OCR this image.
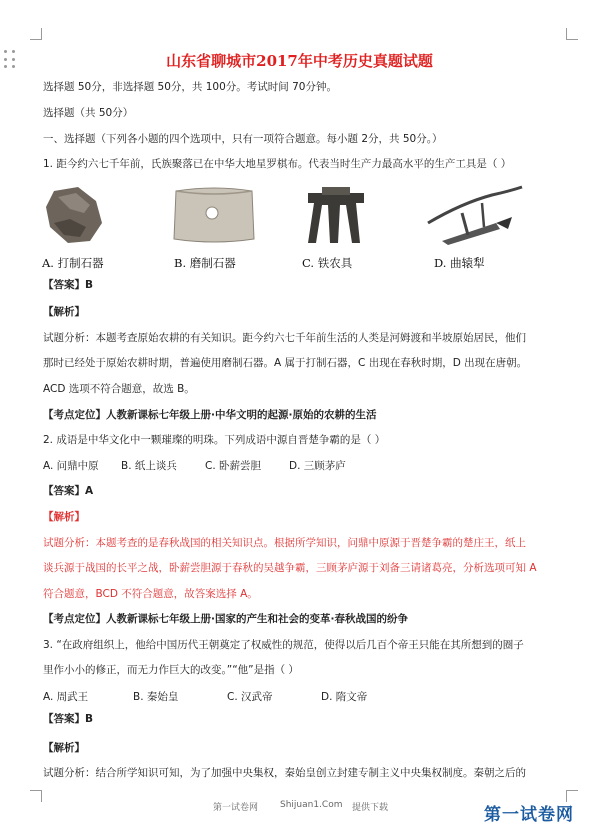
山东省聊城市2017年中考历史真题试题
选择题 50分，非选择题 50分，共 100分。考试时间 70分钟。
选择题（共 50分）
一、选择题（下列各小题的四个选项中，只有一项符合题意。每小题 2分，共 50分。）
1. 距今约六七千年前，氏族聚落已在中华大地星罗棋布。代表当时生产力最高水平的生产工具是（ ）
A. 打制石器	B. 磨制石器	C. 铁农具	D. 曲辕犁
【答案】B
【解析】
试题分析：本题考查原始农耕的有关知识。距今约六七千年前生活的人类是河姆渡和半坡原始居民，他们
那时已经处于原始农耕时期，普遍使用磨制石器。A 属于打制石器，C 出现在春秋时期，D 出现在唐朝。
ACD 选项不符合题意，故选 B。
【考点定位】人教新课标七年级上册·中华文明的起源·原始的农耕的生活
2. 成语是中华文化中一颗璀璨的明珠。下列成语中源自晋楚争霸的是（ ）
A. 问鼎中原 B. 纸上谈兵	C. 卧薪尝胆	D. 三顾茅庐
【答案】A
【解析】
试题分析：本题考查的是春秋战国的相关知识点。根据所学知识，问鼎中原源于晋楚争霸的楚庄王，纸上
谈兵源于战国的长平之战，卧薪尝胆源于春秋的吴越争霸，三顾茅庐源于刘备三请诸葛亮，分析选项可知 A
符合题意，BCD 不符合题意，故答案选择 A。
【考点定位】人教新课标七年级上册·国家的产生和社会的变革·春秋战国的纷争
3. “在政府组织上，他给中国历代王朝奠定了权威性的规范，使得以后几百个帝王只能在其所想到的圈子
里作小小的修正，而无力作巨大的改变。”“他”是指（ ）
A. 周武王	B. 秦始皇	C. 汉武帝	D. 隋文帝
【答案】B
【解析】
试题分析：结合所学知识可知，为了加强中央集权，秦始皇创立封建专制主义中央集权制度。秦朝之后的
第一试卷网 Shijuan1.Com 提供下载	第一试卷网
